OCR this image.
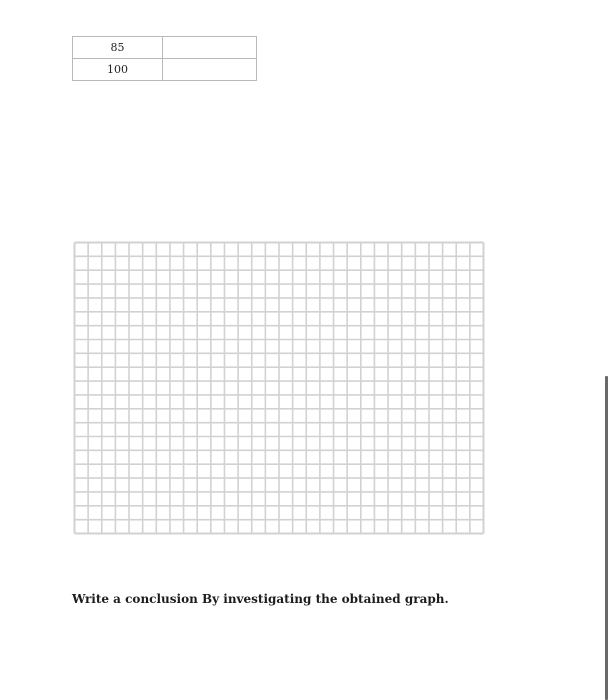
85	
100	
Write a conclusion By investigating the obtained graph.
